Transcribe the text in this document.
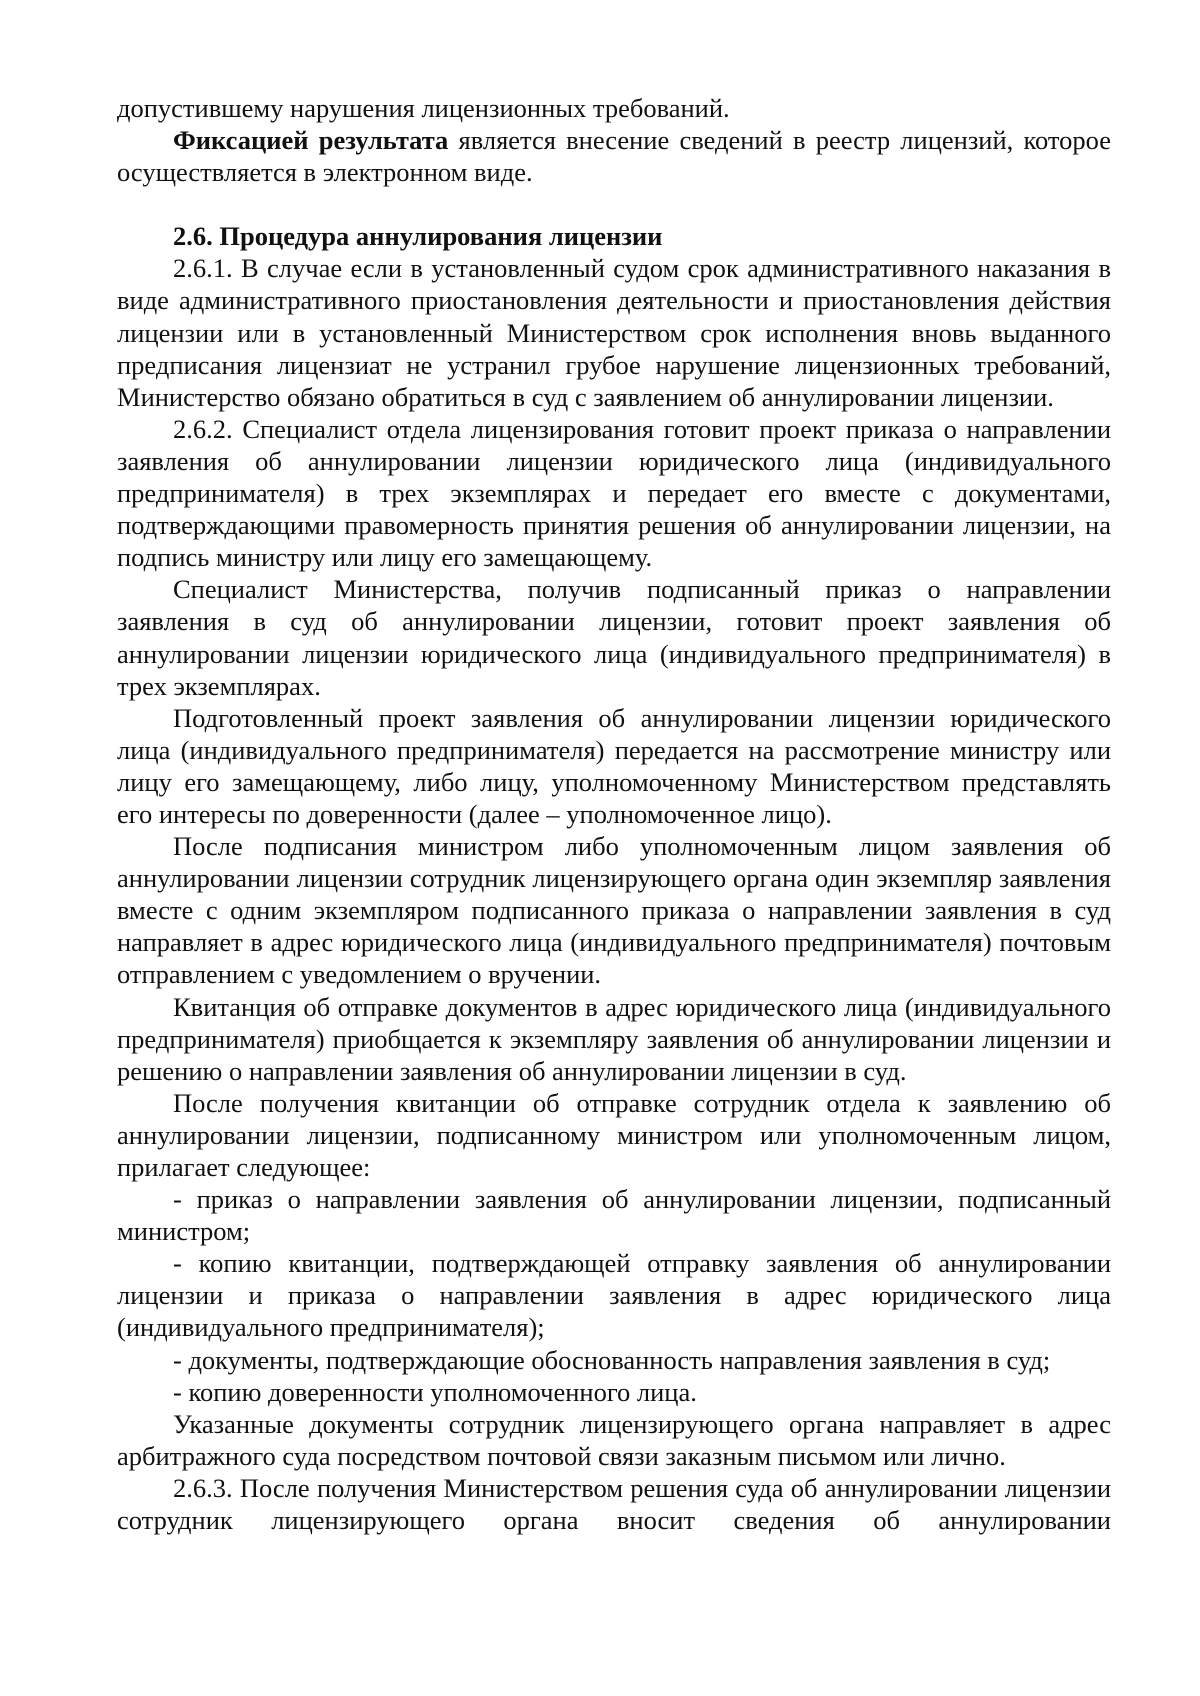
допустившему нарушения лицензионных требований.

Фиксацией результата является внесение сведений в реестр лицензий, которое осуществляется в электронном виде.

2.6. Процедура аннулирования лицензии

2.6.1. В случае если в установленный судом срок административного наказания в виде административного приостановления деятельности и приостановления действия лицензии или в установленный Министерством срок исполнения вновь выданного предписания лицензиат не устранил грубое нарушение лицензионных требований, Министерство обязано обратиться в суд с заявлением об аннулировании лицензии.

2.6.2. Специалист отдела лицензирования готовит проект приказа о направлении заявления об аннулировании лицензии юридического лица (индивидуального предпринимателя) в трех экземплярах и передает его вместе с документами, подтверждающими правомерность принятия решения об аннулировании лицензии, на подпись министру или лицу его замещающему.

Специалист Министерства, получив подписанный приказ о направлении заявления в суд об аннулировании лицензии, готовит проект заявления об аннулировании лицензии юридического лица (индивидуального предпринимателя) в трех экземплярах.

Подготовленный проект заявления об аннулировании лицензии юридического лица (индивидуального предпринимателя) передается на рассмотрение министру или лицу его замещающему, либо лицу, уполномоченному Министерством представлять его интересы по доверенности (далее – уполномоченное лицо).

После подписания министром либо уполномоченным лицом заявления об аннулировании лицензии сотрудник лицензирующего органа один экземпляр заявления вместе с одним экземпляром подписанного приказа о направлении заявления в суд направляет в адрес юридического лица (индивидуального предпринимателя) почтовым отправлением с уведомлением о вручении.

Квитанция об отправке документов в адрес юридического лица (индивидуального предпринимателя) приобщается к экземпляру заявления об аннулировании лицензии и решению о направлении заявления об аннулировании лицензии в суд.

После получения квитанции об отправке сотрудник отдела к заявлению об аннулировании лицензии, подписанному министром или уполномоченным лицом, прилагает следующее:

- приказ о направлении заявления об аннулировании лицензии, подписанный министром;

- копию квитанции, подтверждающей отправку заявления об аннулировании лицензии и приказа о направлении заявления в адрес юридического лица (индивидуального предпринимателя);

- документы, подтверждающие обоснованность направления заявления в суд;

- копию доверенности уполномоченного лица.

Указанные документы сотрудник лицензирующего органа направляет в адрес арбитражного суда посредством почтовой связи заказным письмом или лично.

2.6.3. После получения Министерством решения суда об аннулировании лицензии сотрудник лицензирующего органа вносит сведения об аннулировании
